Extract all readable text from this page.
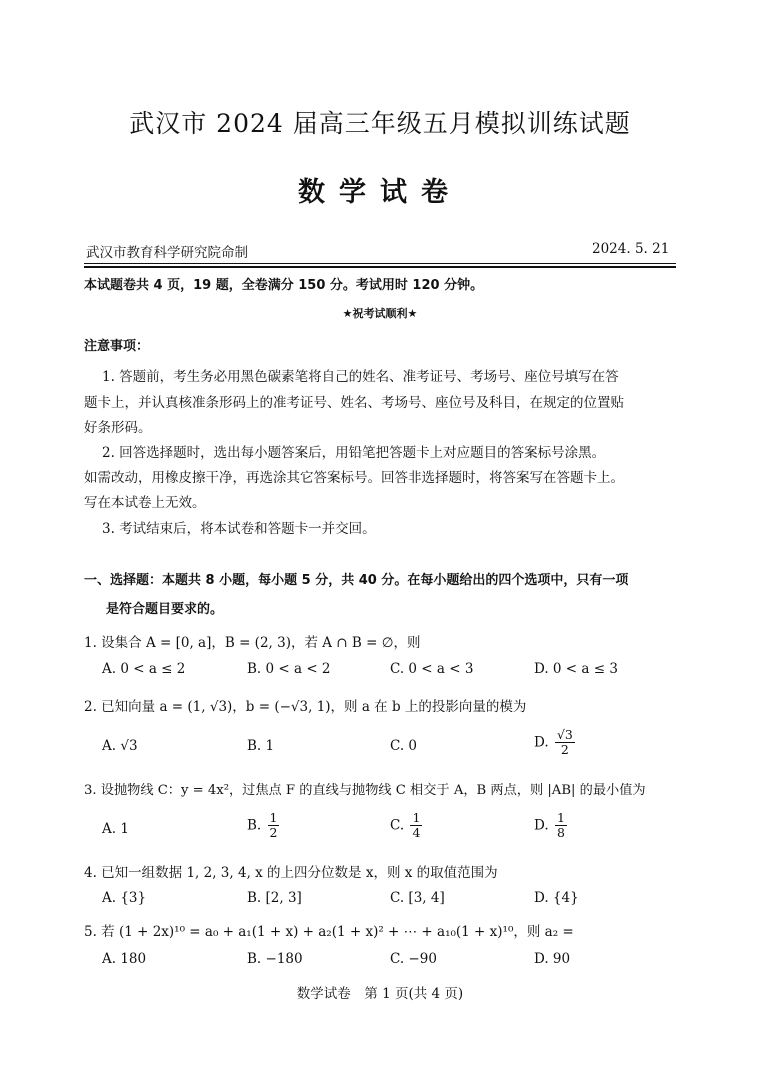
武汉市 2024 届高三年级五月模拟训练试题
数学试卷
武汉市教育科学研究院命制	2024. 5. 21
本试题卷共 4 页，19 题，全卷满分 150 分。考试用时 120 分钟。
★祝考试顺利★
注意事项：
1. 答题前，考生务必用黑色碳素笔将自己的姓名、准考证号、考场号、座位号填写在答
题卡上，并认真核准条形码上的准考证号、姓名、考场号、座位号及科目，在规定的位置贴
好条形码。
2. 回答选择题时，选出每小题答案后，用铅笔把答题卡上对应题目的答案标号涂黑。
如需改动，用橡皮擦干净，再选涂其它答案标号。回答非选择题时，将答案写在答题卡上。
写在本试卷上无效。
3. 考试结束后，将本试卷和答题卡一并交回。
一、选择题：本题共 8 小题，每小题 5 分，共 40 分。在每小题给出的四个选项中，只有一项
是符合题目要求的。
1. 设集合 A = [0, a]，B = (2, 3)，若 A ∩ B = ∅，则
A. 0 < a ≤ 2	B. 0 < a < 2	C. 0 < a < 3	D. 0 < a ≤ 3
2. 已知向量 a = (1, √3)，b = (−√3, 1)，则 a 在 b 上的投影向量的模为
A. √3	B. 1	C. 0	D. $\frac{√3}{2}$
3. 设抛物线 C：y = 4x²，过焦点 F 的直线与抛物线 C 相交于 A，B 两点，则 |AB| 的最小值为
A. 1	B. $\frac{1}{2}$	C. $\frac{1}{4}$	D. $\frac{1}{8}$
4. 已知一组数据 1, 2, 3, 4, x 的上四分位数是 x，则 x 的取值范围为
A. {3}	B. [2, 3]	C. [3, 4]	D. {4}
5. 若 (1 + 2x)¹⁰ = a₀ + a₁(1 + x) + a₂(1 + x)² + ⋯ + a₁₀(1 + x)¹⁰，则 a₂ =
A. 180	B. −180	C. −90	D. 90
数学试卷　第 1 页(共 4 页)
